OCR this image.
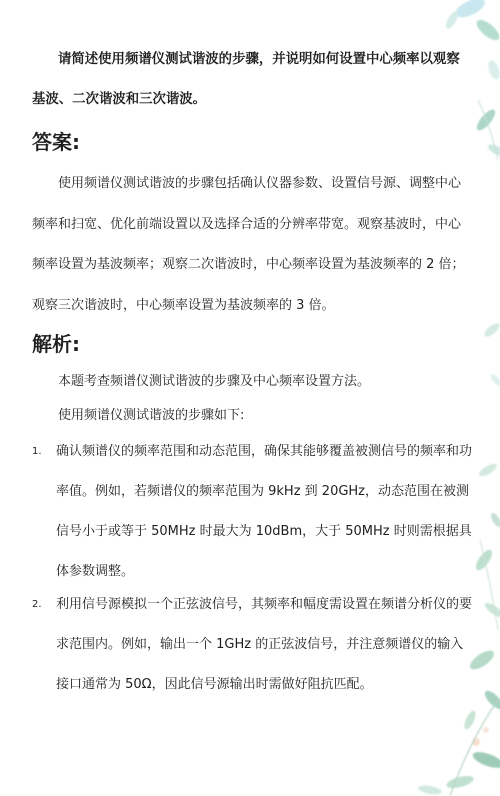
请简述使用频谱仪测试谐波的步骤，并说明如何设置中心频率以观察基波、二次谐波和三次谐波。

答案:

使用频谱仪测试谐波的步骤包括确认仪器参数、设置信号源、调整中心频率和扫宽、优化前端设置以及选择合适的分辨率带宽。观察基波时，中心频率设置为基波频率；观察二次谐波时，中心频率设置为基波频率的 2 倍；观察三次谐波时，中心频率设置为基波频率的 3 倍。

解析:

本题考查频谱仪测试谐波的步骤及中心频率设置方法。

使用频谱仪测试谐波的步骤如下:

1. 确认频谱仪的频率范围和动态范围，确保其能够覆盖被测信号的频率和功率值。例如，若频谱仪的频率范围为 9kHz 到 20GHz，动态范围在被测信号小于或等于 50MHz 时最大为 10dBm，大于 50MHz 时则需根据具体参数调整。

2. 利用信号源模拟一个正弦波信号，其频率和幅度需设置在频谱分析仪的要求范围内。例如，输出一个 1GHz 的正弦波信号，并注意频谱仪的输入接口通常为 50Ω，因此信号源输出时需做好阻抗匹配。
